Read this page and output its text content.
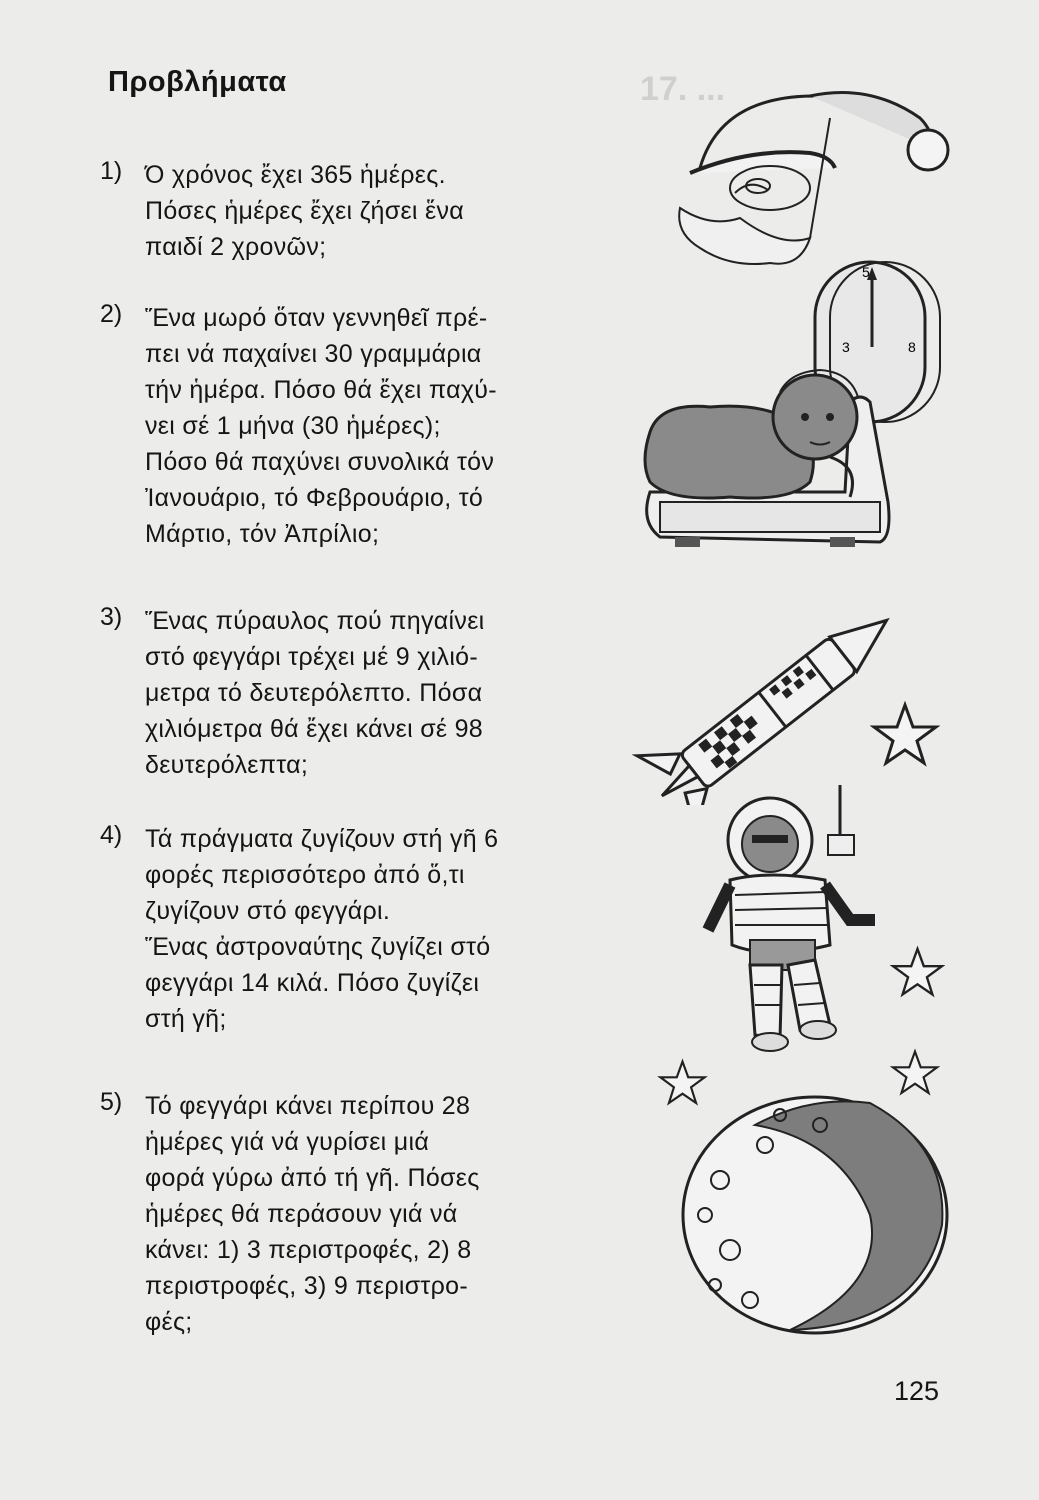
17. ...
Προβλήματα
1) Ό χρόνος ἔχει 365 ἡμέρες.
Πόσες ἡμέρες ἔχει ζήσει ἕνα
παιδί 2 χρονῶν;
2) Ἕνα μωρό ὅταν γεννηθεῖ πρέ-
πει νά παχαίνει 30 γραμμάρια
τήν ἡμέρα. Πόσο θά ἔχει παχύ-
νει σέ 1 μήνα (30 ἡμέρες);
Πόσο θά παχύνει συνολικά τόν
Ἰανουάριο, τό Φεβρουάριο, τό
Μάρτιο, τόν Ἀπρίλιο;
3) Ἕνας πύραυλος πού πηγαίνει
στό φεγγάρι τρέχει μέ 9 χιλιό-
μετρα τό δευτερόλεπτο. Πόσα
χιλιόμετρα θά ἔχει κάνει σέ 98
δευτερόλεπτα;
4) Τά πράγματα ζυγίζουν στή γῆ 6
φορές περισσότερο ἀπό ὅ,τι
ζυγίζουν στό φεγγάρι.
Ἕνας ἀστροναύτης ζυγίζει στό
φεγγάρι 14 κιλά. Πόσο ζυγίζει
στή γῆ;
5) Τό φεγγάρι κάνει περίπου 28
ἡμέρες γιά νά γυρίσει μιά
φορά γύρω ἀπό τή γῆ. Πόσες
ἡμέρες θά περάσουν γιά νά
κάνει: 1) 3 περιστροφές, 2) 8
περιστροφές, 3) 9 περιστρο-
φές;
125
5
3	8
